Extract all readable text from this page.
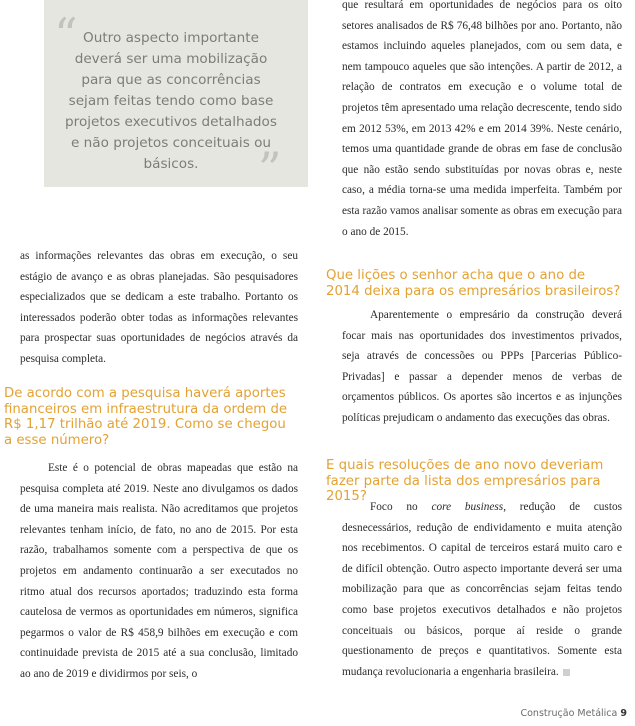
“ Outro aspecto importante deverá ser uma mobilização para que as concorrências sejam feitas tendo como base projetos executivos detalhados e não projetos conceituais ou básicos.	”

as informações relevantes das obras em execução, o seu estágio de avanço e as obras planejadas. São pesquisadores especializados que se dedicam a este trabalho. Portanto os interessados poderão obter todas as informações relevantes para prospectar suas oportunidades de negócios através da pesquisa completa.

De acordo com a pesquisa haverá aportes financeiros em infraestrutura da ordem de R$ 1,17 trilhão até 2019. Como se chegou a esse número?

Este é o potencial de obras mapeadas que estão na pesquisa completa até 2019. Neste ano divulgamos os dados de uma maneira mais realista. Não acreditamos que projetos relevantes tenham início, de fato, no ano de 2015. Por esta razão, trabalhamos somente com a perspectiva de que os projetos em andamento continuarão a ser executados no ritmo atual dos recursos aportados; traduzindo esta forma cautelosa de vermos as oportunidades em números, significa pegarmos o valor de R$ 458,9 bilhões em execução e com continuidade prevista de 2015 até a sua conclusão, limitado ao ano de 2019 e dividirmos por seis, o

que resultará em oportunidades de negócios para os oito setores analisados de R$ 76,48 bilhões por ano. Portanto, não estamos incluindo aqueles planejados, com ou sem data, e nem tampouco aqueles que são intenções. A partir de 2012, a relação de contratos em execução e o volume total de projetos têm apresentado uma relação decrescente, tendo sido em 2012 53%, em 2013 42% e em 2014 39%. Neste cenário, temos uma quantidade grande de obras em fase de conclusão que não estão sendo substituídas por novas obras e, neste caso, a média torna-se uma medida imperfeita. Também por esta razão vamos analisar somente as obras em execução para o ano de 2015.

Que lições o senhor acha que o ano de 2014 deixa para os empresários brasileiros?

Aparentemente o empresário da construção deverá focar mais nas oportunidades dos investimentos privados, seja através de concessões ou PPPs [Parcerias Público-Privadas] e passar a depender menos de verbas de orçamentos públicos. Os aportes são incertos e as injunções políticas prejudicam o andamento das execuções das obras.

E quais resoluções de ano novo deveriam fazer parte da lista dos empresários para 2015?

Foco no core business, redução de custos desnecessários, redução de endividamento e muita atenção nos recebimentos. O capital de terceiros estará muito caro e de difícil obtenção. Outro aspecto importante deverá ser uma mobilização para que as concorrências sejam feitas tendo como base projetos executivos detalhados e não projetos conceituais ou básicos, porque aí reside o grande questionamento de preços e quantitativos. Somente esta mudança revolucionaria a engenharia brasileira.

Construção Metálica 9
